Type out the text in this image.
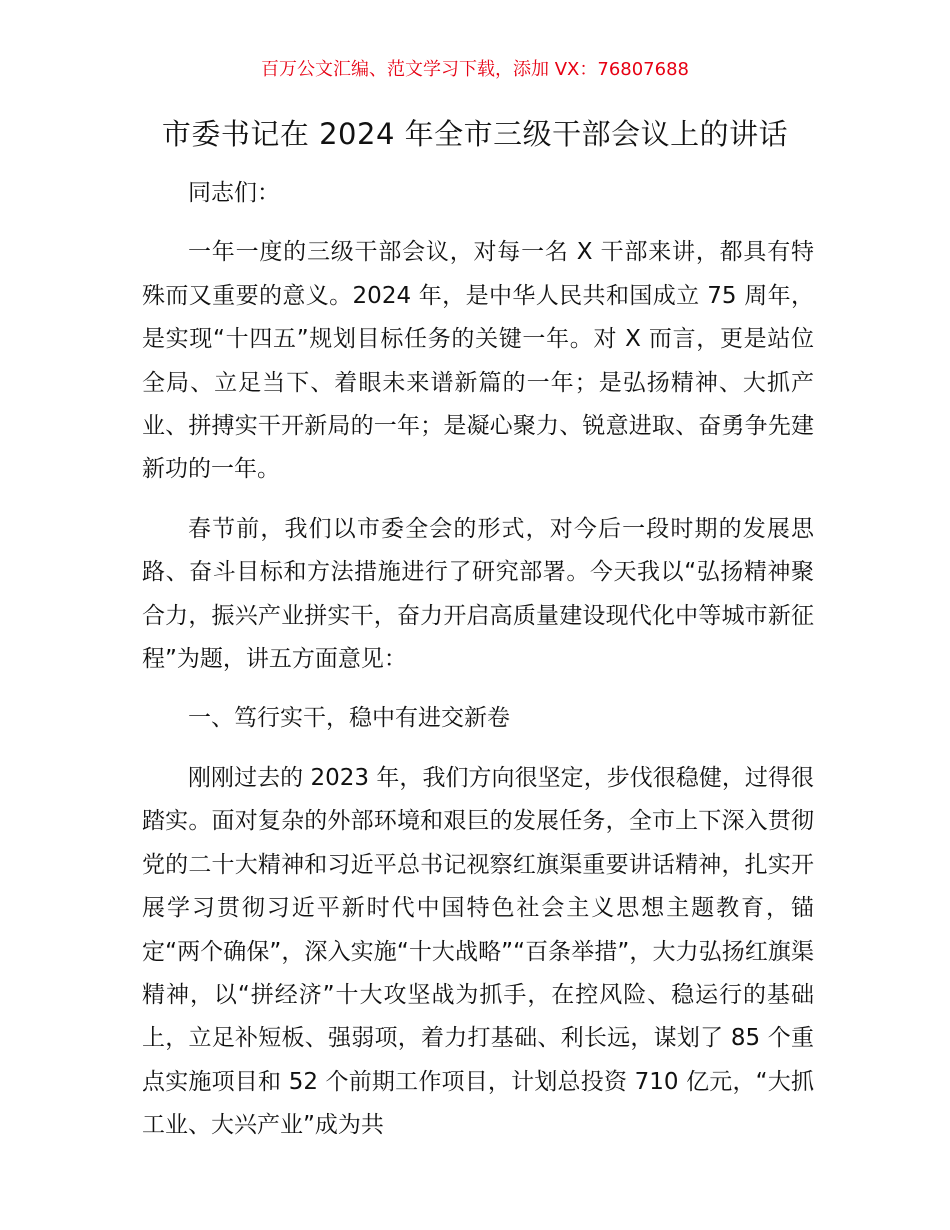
百万公文汇编、范文学习下载，添加 VX：76807688
市委书记在 2024 年全市三级干部会议上的讲话

同志们：

一年一度的三级干部会议，对每一名 X 干部来讲，都具有特殊而又重要的意义。2024 年，是中华人民共和国成立 75 周年，是实现“十四五”规划目标任务的关键一年。对 X 而言，更是站位全局、立足当下、着眼未来谱新篇的一年；是弘扬精神、大抓产业、拼搏实干开新局的一年；是凝心聚力、锐意进取、奋勇争先建新功的一年。

春节前，我们以市委全会的形式，对今后一段时期的发展思路、奋斗目标和方法措施进行了研究部署。今天我以“弘扬精神聚合力，振兴产业拼实干，奋力开启高质量建设现代化中等城市新征程”为题，讲五方面意见：

一、笃行实干，稳中有进交新卷

刚刚过去的 2023 年，我们方向很坚定，步伐很稳健，过得很踏实。面对复杂的外部环境和艰巨的发展任务，全市上下深入贯彻党的二十大精神和习近平总书记视察红旗渠重要讲话精神，扎实开展学习贯彻习近平新时代中国特色社会主义思想主题教育，锚定“两个确保”，深入实施“十大战略”“百条举措”，大力弘扬红旗渠精神，以“拼经济”十大攻坚战为抓手，在控风险、稳运行的基础上，立足补短板、强弱项，着力打基础、利长远，谋划了 85 个重点实施项目和 52 个前期工作项目，计划总投资 710 亿元，“大抓工业、大兴产业”成为共
